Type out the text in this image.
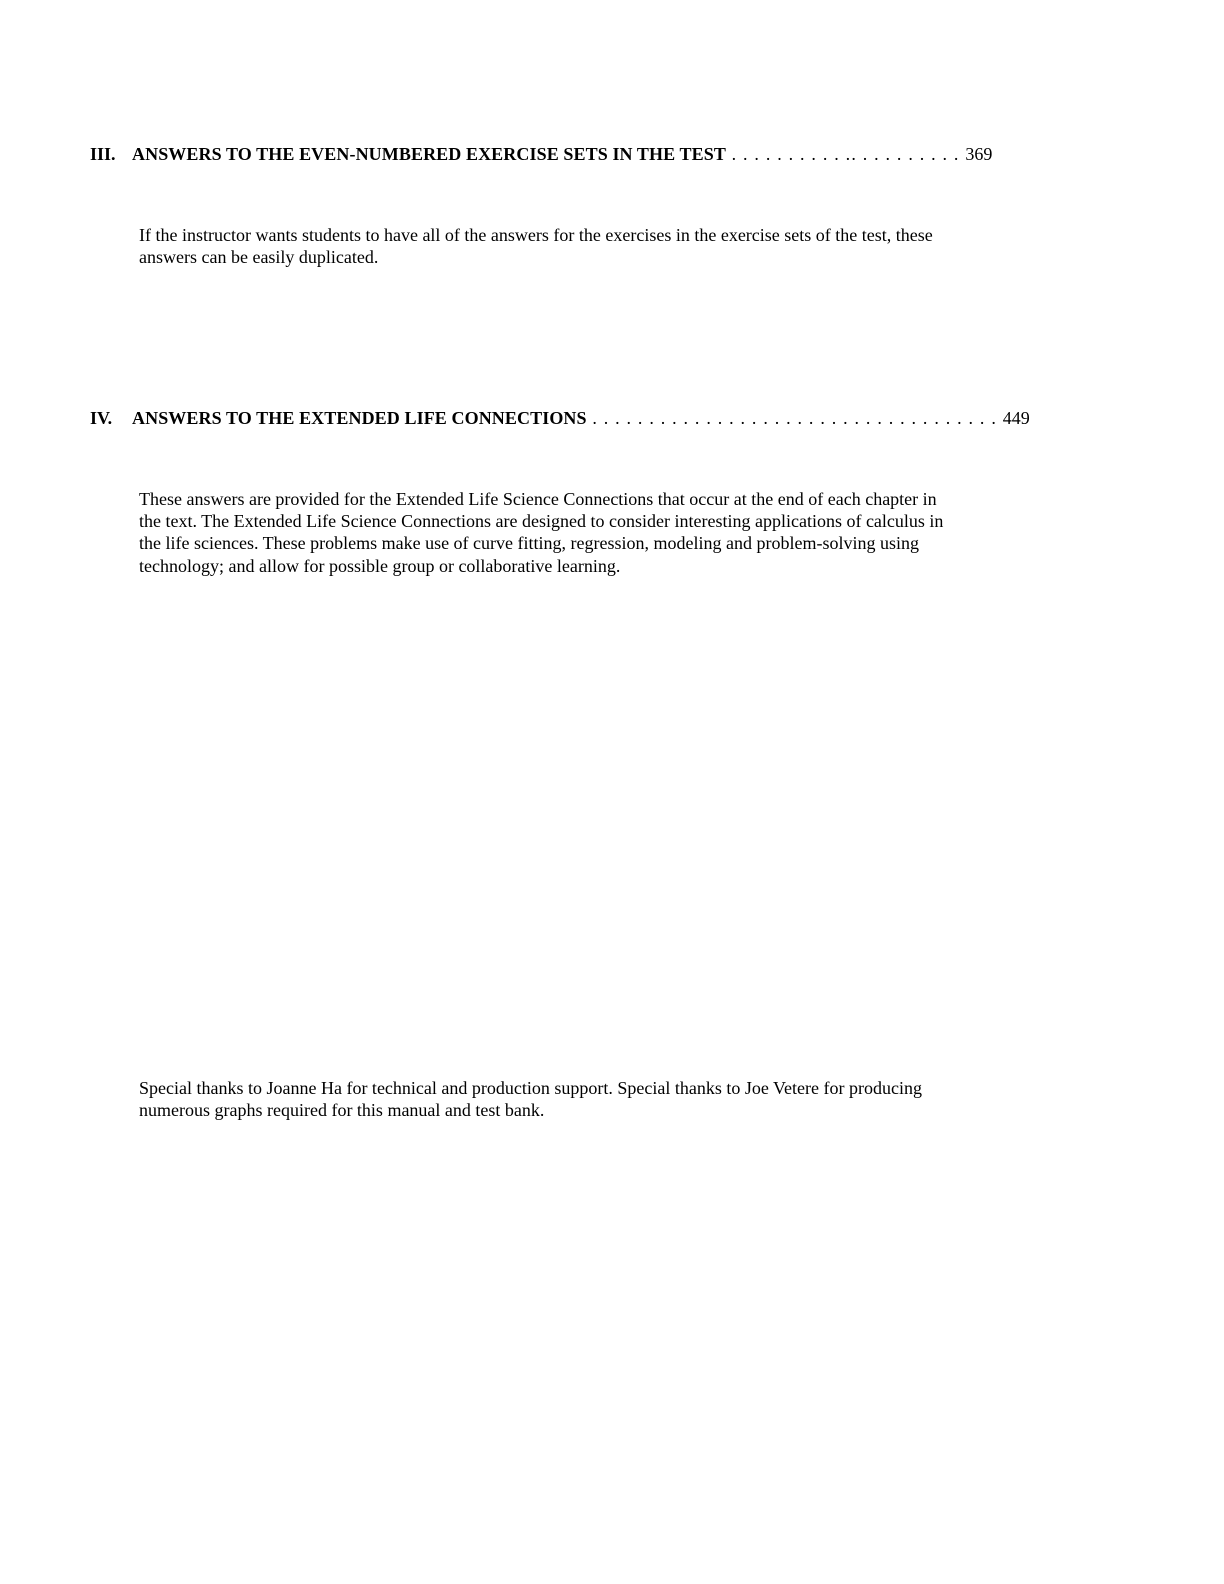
III. ANSWERS TO THE EVEN-NUMBERED EXERCISE SETS IN THE TEST . . . . . . . . . . .. . . . . . . . . . 369

If the instructor wants students to have all of the answers for the exercises in the exercise sets of the test, these
answers can be easily duplicated.

IV. ANSWERS TO THE EXTENDED LIFE CONNECTIONS . . . . . . . . . . . . . . . . . . . . . . . . . . . . . . . . . . . . 449

These answers are provided for the Extended Life Science Connections that occur at the end of each chapter in
the text. The Extended Life Science Connections are designed to consider interesting applications of calculus in
the life sciences. These problems make use of curve fitting, regression, modeling and problem-solving using
technology; and allow for possible group or collaborative learning.

Special thanks to Joanne Ha for technical and production support. Special thanks to Joe Vetere for producing
numerous graphs required for this manual and test bank.
